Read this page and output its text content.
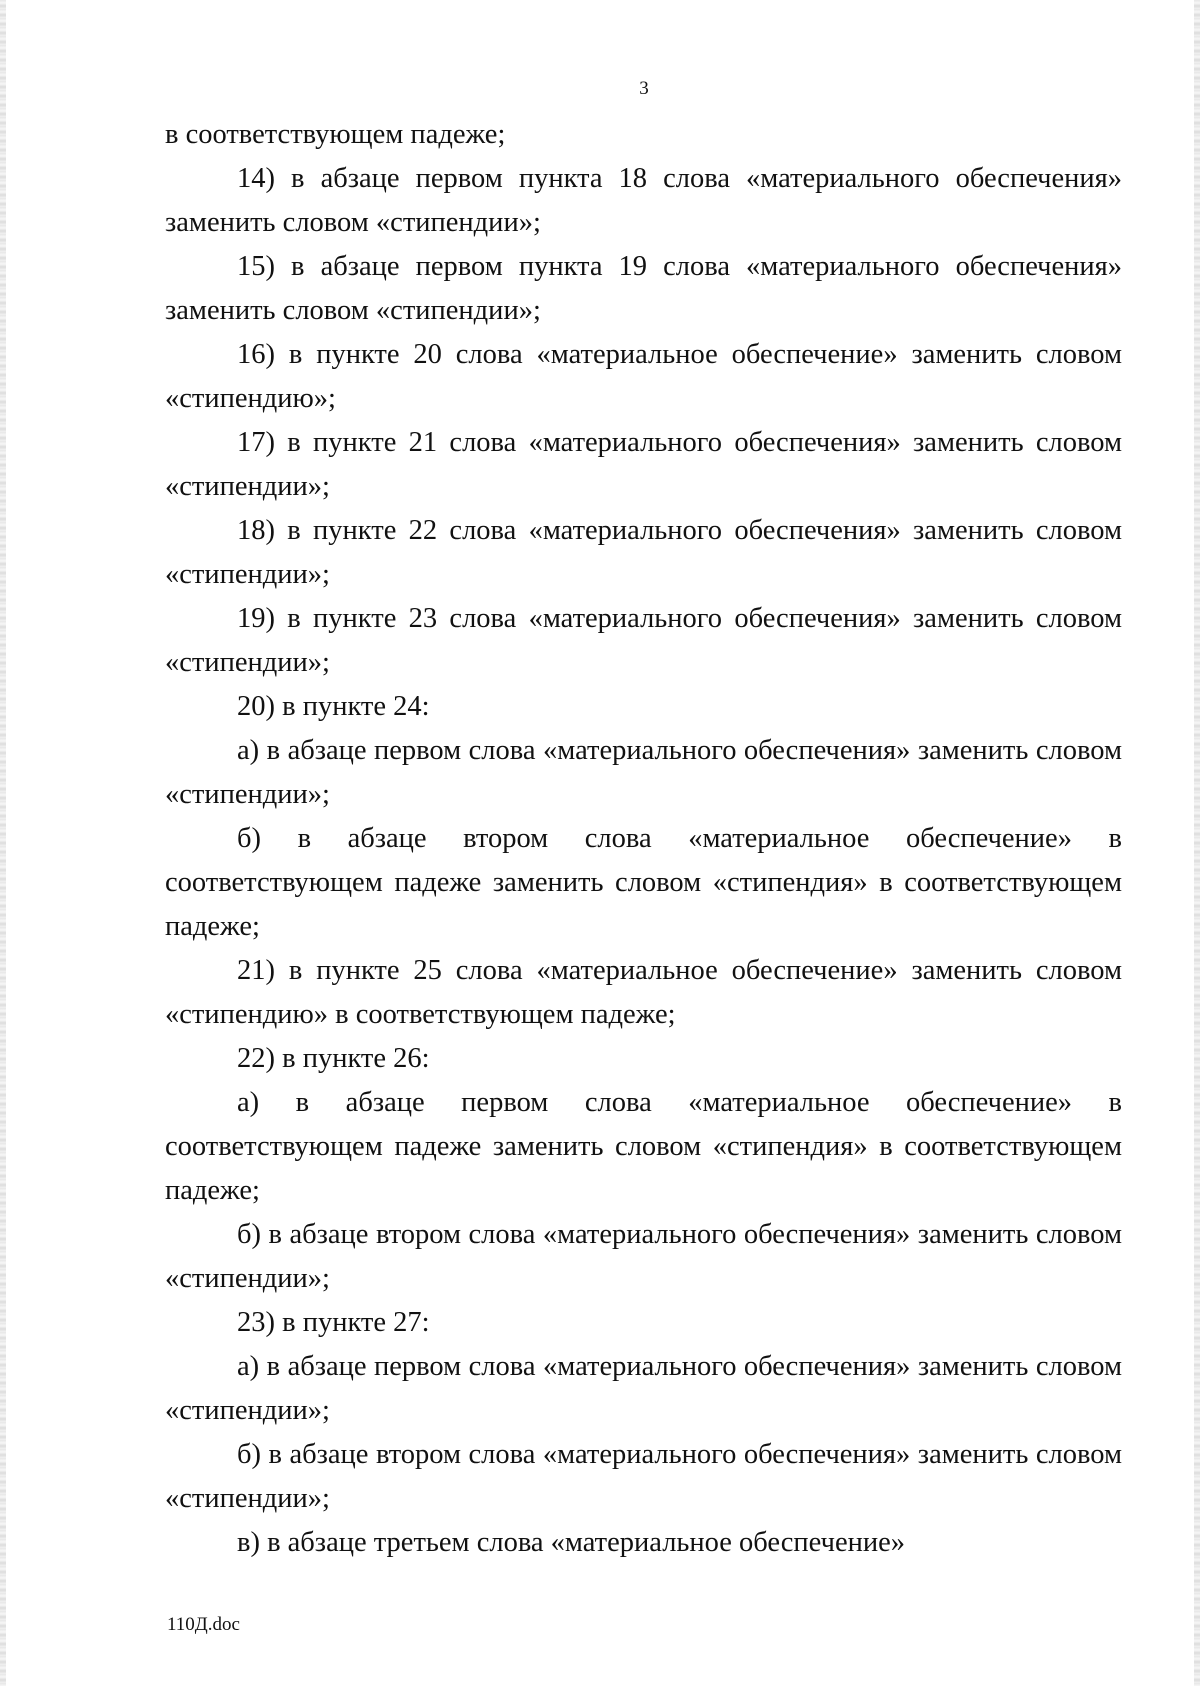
3

в соответствующем падеже;

14) в абзаце первом пункта 18 слова «материального обеспечения» заменить словом «стипендии»;

15) в абзаце первом пункта 19 слова «материального обеспечения» заменить словом «стипендии»;

16) в пункте 20 слова «материальное обеспечение» заменить словом «стипендию»;

17) в пункте 21 слова «материального обеспечения» заменить словом «стипендии»;

18) в пункте 22 слова «материального обеспечения» заменить словом «стипендии»;

19) в пункте 23 слова «материального обеспечения» заменить словом «стипендии»;

20) в пункте 24:

а) в абзаце первом слова «материального обеспечения» заменить словом «стипендии»;

б) в абзаце втором слова «материальное обеспечение» в соответствующем падеже заменить словом «стипендия» в соответствующем падеже;

21) в пункте 25 слова «материальное обеспечение» заменить словом «стипендию» в соответствующем падеже;

22) в пункте 26:

а) в абзаце первом слова «материальное обеспечение» в соответствующем падеже заменить словом «стипендия» в соответствующем падеже;

б) в абзаце втором слова «материального обеспечения» заменить словом «стипендии»;

23) в пункте 27:

а) в абзаце первом слова «материального обеспечения» заменить словом «стипендии»;

б) в абзаце втором слова «материального обеспечения» заменить словом «стипендии»;

в) в абзаце третьем слова «материальное обеспечение»

110Д.doc
